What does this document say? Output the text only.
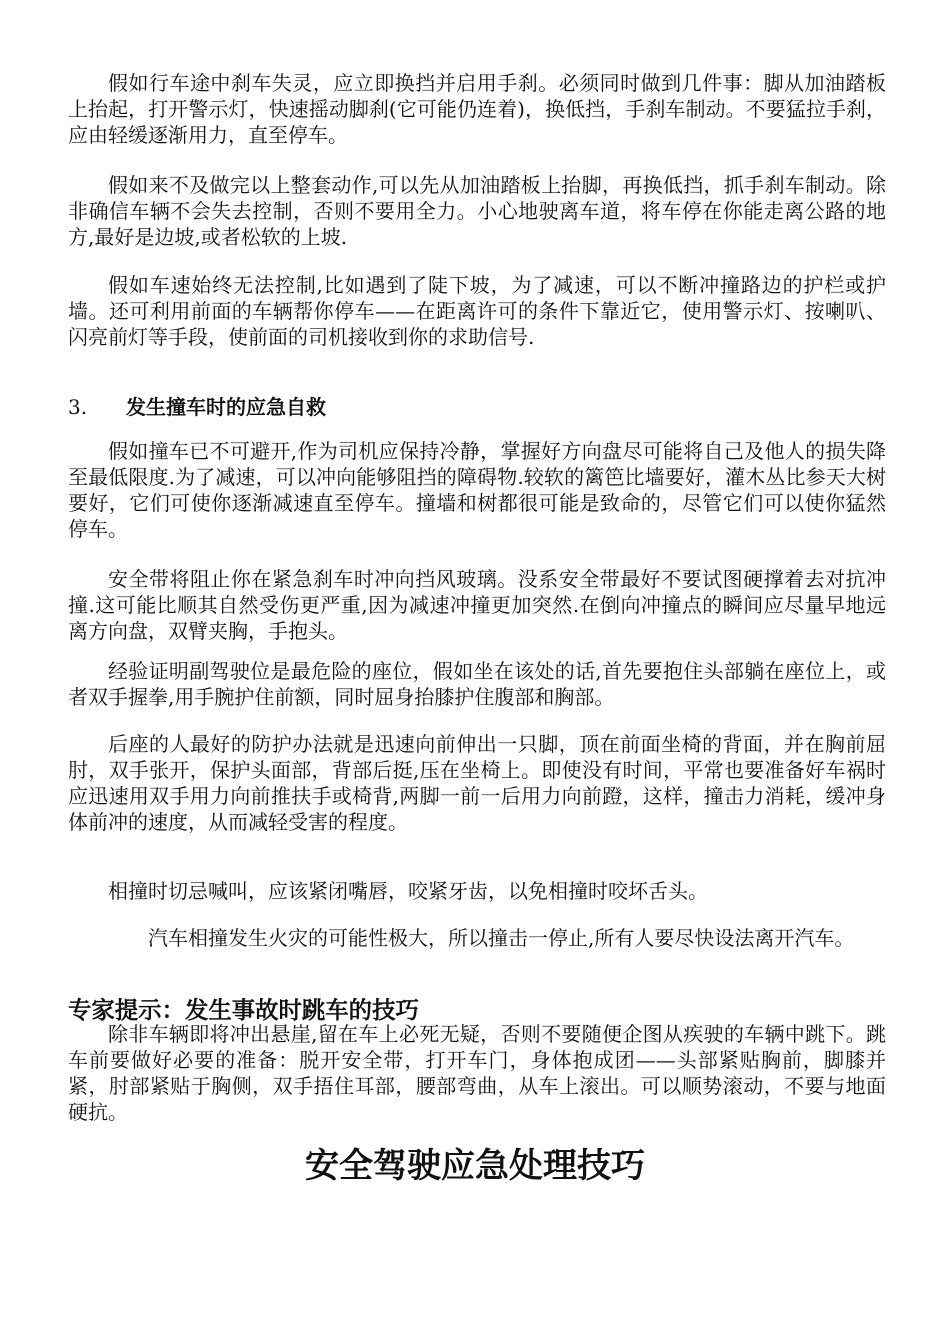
假如行车途中刹车失灵，应立即换挡并启用手刹。必须同时做到几件事：脚从加油踏板上抬起，打开警示灯，快速摇动脚刹(它可能仍连着)，换低挡，手刹车制动。不要猛拉手刹，应由轻缓逐渐用力，直至停车。

假如来不及做完以上整套动作,可以先从加油踏板上抬脚，再换低挡，抓手刹车制动。除非确信车辆不会失去控制，否则不要用全力。小心地驶离车道，将车停在你能走离公路的地方,最好是边坡,或者松软的上坡.

假如车速始终无法控制,比如遇到了陡下坡，为了减速，可以不断冲撞路边的护栏或护墙。还可利用前面的车辆帮你停车——在距离许可的条件下靠近它，使用警示灯、按喇叭、闪亮前灯等手段，使前面的司机接收到你的求助信号.

3. 发生撞车时的应急自救

假如撞车已不可避开,作为司机应保持冷静，掌握好方向盘尽可能将自己及他人的损失降至最低限度.为了减速，可以冲向能够阻挡的障碍物.较软的篱笆比墙要好，灌木丛比参天大树要好，它们可使你逐渐减速直至停车。撞墙和树都很可能是致命的，尽管它们可以使你猛然停车。

安全带将阻止你在紧急刹车时冲向挡风玻璃。没系安全带最好不要试图硬撑着去对抗冲撞.这可能比顺其自然受伤更严重,因为减速冲撞更加突然.在倒向冲撞点的瞬间应尽量早地远离方向盘，双臂夹胸，手抱头。

经验证明副驾驶位是最危险的座位，假如坐在该处的话,首先要抱住头部躺在座位上，或者双手握拳,用手腕护住前额，同时屈身抬膝护住腹部和胸部。

后座的人最好的防护办法就是迅速向前伸出一只脚，顶在前面坐椅的背面，并在胸前屈肘，双手张开，保护头面部，背部后挺,压在坐椅上。即使没有时间，平常也要准备好车祸时应迅速用双手用力向前推扶手或椅背,两脚一前一后用力向前蹬，这样，撞击力消耗，缓冲身体前冲的速度，从而减轻受害的程度。

相撞时切忌喊叫，应该紧闭嘴唇，咬紧牙齿，以免相撞时咬坏舌头。

汽车相撞发生火灾的可能性极大，所以撞击一停止,所有人要尽快设法离开汽车。

专家提示：发生事故时跳车的技巧

除非车辆即将冲出悬崖,留在车上必死无疑，否则不要随便企图从疾驶的车辆中跳下。跳车前要做好必要的准备：脱开安全带，打开车门，身体抱成团——头部紧贴胸前，脚膝并紧，肘部紧贴于胸侧，双手捂住耳部，腰部弯曲，从车上滚出。可以顺势滚动，不要与地面硬抗。

安全驾驶应急处理技巧
